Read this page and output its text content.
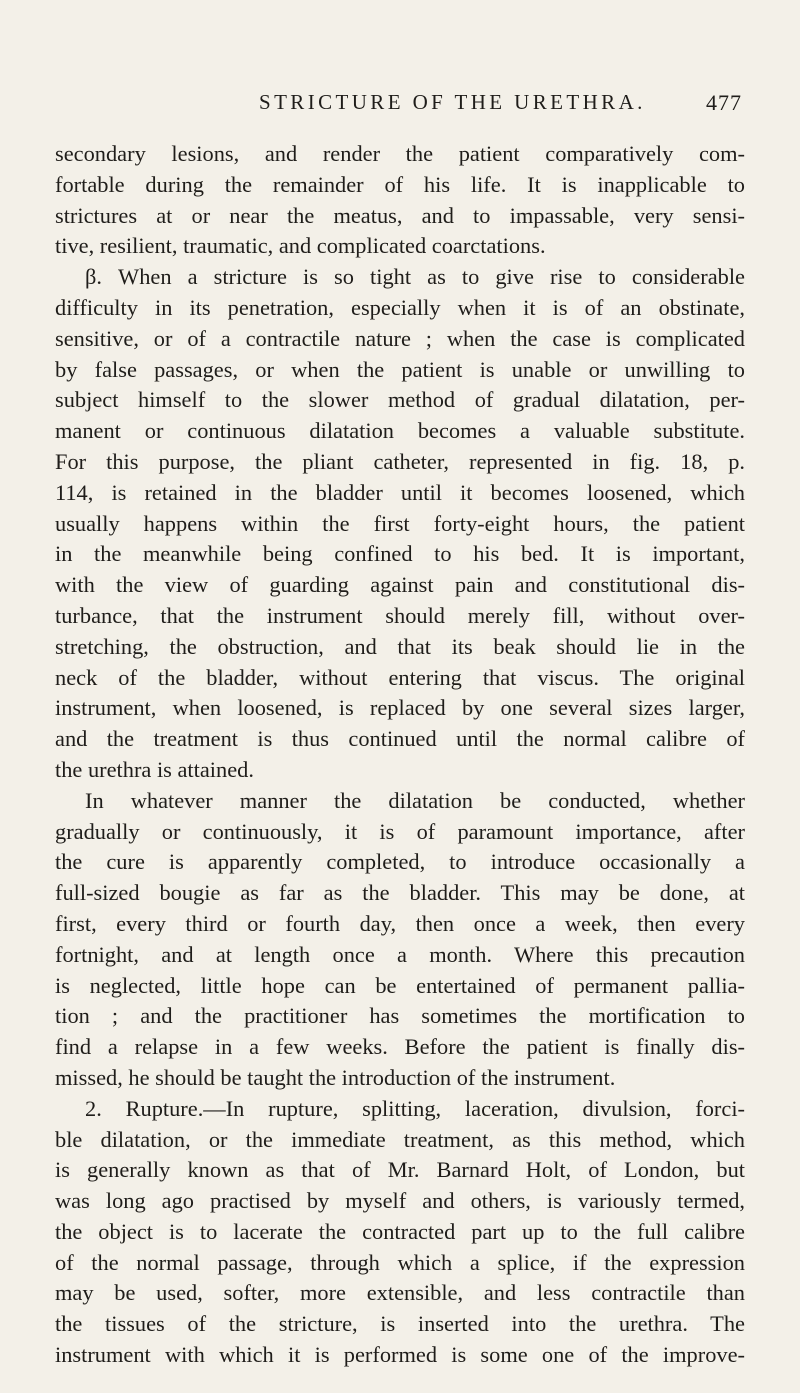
STRICTURE OF THE URETHRA.	477
secondary lesions, and render the patient comparatively com-
fortable during the remainder of his life. It is inapplicable to
strictures at or near the meatus, and to impassable, very sensi-
tive, resilient, traumatic, and complicated coarctations.
β. When a stricture is so tight as to give rise to considerable
difficulty in its penetration, especially when it is of an obstinate,
sensitive, or of a contractile nature ; when the case is complicated
by false passages, or when the patient is unable or unwilling to
subject himself to the slower method of gradual dilatation, per-
manent or continuous dilatation becomes a valuable substitute.
For this purpose, the pliant catheter, represented in fig. 18, p.
114, is retained in the bladder until it becomes loosened, which
usually happens within the first forty-eight hours, the patient
in the meanwhile being confined to his bed. It is important,
with the view of guarding against pain and constitutional dis-
turbance, that the instrument should merely fill, without over-
stretching, the obstruction, and that its beak should lie in the
neck of the bladder, without entering that viscus. The original
instrument, when loosened, is replaced by one several sizes larger,
and the treatment is thus continued until the normal calibre of
the urethra is attained.
In whatever manner the dilatation be conducted, whether
gradually or continuously, it is of paramount importance, after
the cure is apparently completed, to introduce occasionally a
full-sized bougie as far as the bladder. This may be done, at
first, every third or fourth day, then once a week, then every
fortnight, and at length once a month. Where this precaution
is neglected, little hope can be entertained of permanent pallia-
tion ; and the practitioner has sometimes the mortification to
find a relapse in a few weeks. Before the patient is finally dis-
missed, he should be taught the introduction of the instrument.
2. Rupture.—In rupture, splitting, laceration, divulsion, forci-
ble dilatation, or the immediate treatment, as this method, which
is generally known as that of Mr. Barnard Holt, of London, but
was long ago practised by myself and others, is variously termed,
the object is to lacerate the contracted part up to the full calibre
of the normal passage, through which a splice, if the expression
may be used, softer, more extensible, and less contractile than
the tissues of the stricture, is inserted into the urethra. The
instrument with which it is performed is some one of the improve-
